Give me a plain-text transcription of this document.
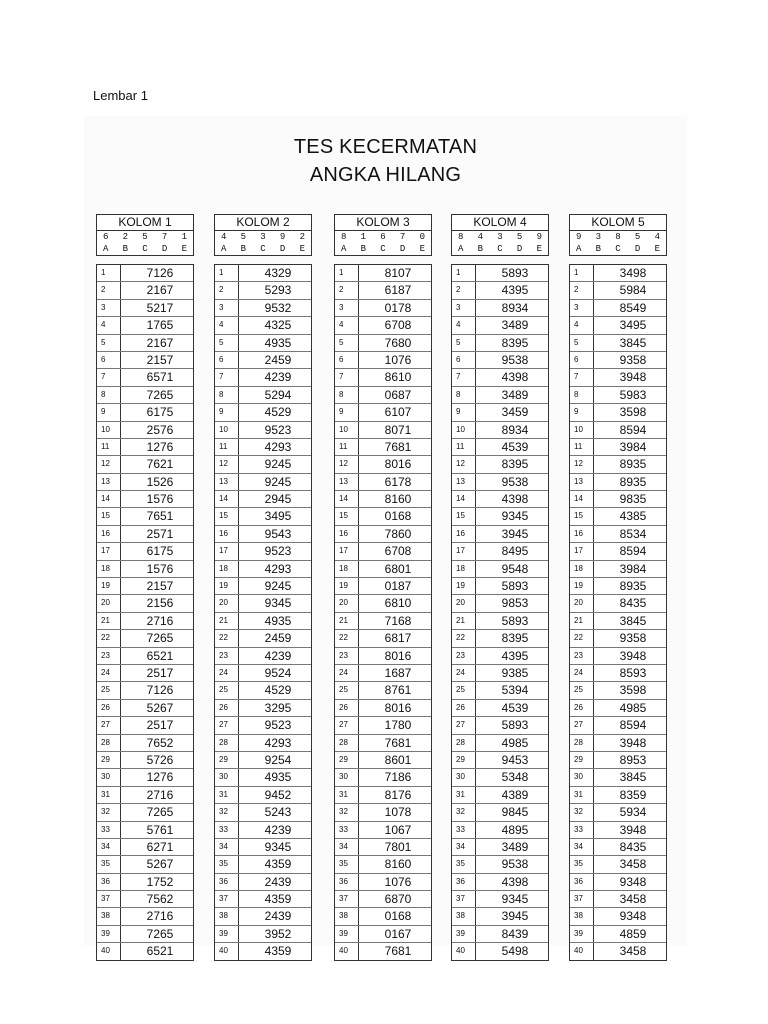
Lembar 1
TES KECERMATAN
ANGKA HILANG
KOLOM 1
6 2 5 7 1
A B C D E
1	7126
2	2167
3	5217
4	1765
5	2167
6	2157
7	6571
8	7265
9	6175
10	2576
11	1276
12	7621
13	1526
14	1576
15	7651
16	2571
17	6175
18	1576
19	2157
20	2156
21	2716
22	7265
23	6521
24	2517
25	7126
26	5267
27	2517
28	7652
29	5726
30	1276
31	2716
32	7265
33	5761
34	6271
35	5267
36	1752
37	7562
38	2716
39	7265
40	6521
KOLOM 2
4 5 3 9 2
A B C D E
1	4329
2	5293
3	9532
4	4325
5	4935
6	2459
7	4239
8	5294
9	4529
10	9523
11	4293
12	9245
13	9245
14	2945
15	3495
16	9543
17	9523
18	4293
19	9245
20	9345
21	4935
22	2459
23	4239
24	9524
25	4529
26	3295
27	9523
28	4293
29	9254
30	4935
31	9452
32	5243
33	4239
34	9345
35	4359
36	2439
37	4359
38	2439
39	3952
40	4359
KOLOM 3
8 1 6 7 0
A B C D E
1	8107
2	6187
3	0178
4	6708
5	7680
6	1076
7	8610
8	0687
9	6107
10	8071
11	7681
12	8016
13	6178
14	8160
15	0168
16	7860
17	6708
18	6801
19	0187
20	6810
21	7168
22	6817
23	8016
24	1687
25	8761
26	8016
27	1780
28	7681
29	8601
30	7186
31	8176
32	1078
33	1067
34	7801
35	8160
36	1076
37	6870
38	0168
39	0167
40	7681
KOLOM 4
8 4 3 5 9
A B C D E
1	5893
2	4395
3	8934
4	3489
5	8395
6	9538
7	4398
8	3489
9	3459
10	8934
11	4539
12	8395
13	9538
14	4398
15	9345
16	3945
17	8495
18	9548
19	5893
20	9853
21	5893
22	8395
23	4395
24	9385
25	5394
26	4539
27	5893
28	4985
29	9453
30	5348
31	4389
32	9845
33	4895
34	3489
35	9538
36	4398
37	9345
38	3945
39	8439
40	5498
KOLOM 5
9 3 8 5 4
A B C D E
1	3498
2	5984
3	8549
4	3495
5	3845
6	9358
7	3948
8	5983
9	3598
10	8594
11	3984
12	8935
13	8935
14	9835
15	4385
16	8534
17	8594
18	3984
19	8935
20	8435
21	3845
22	9358
23	3948
24	8593
25	3598
26	4985
27	8594
28	3948
29	8953
30	3845
31	8359
32	5934
33	3948
34	8435
35	3458
36	9348
37	3458
38	9348
39	4859
40	3458
